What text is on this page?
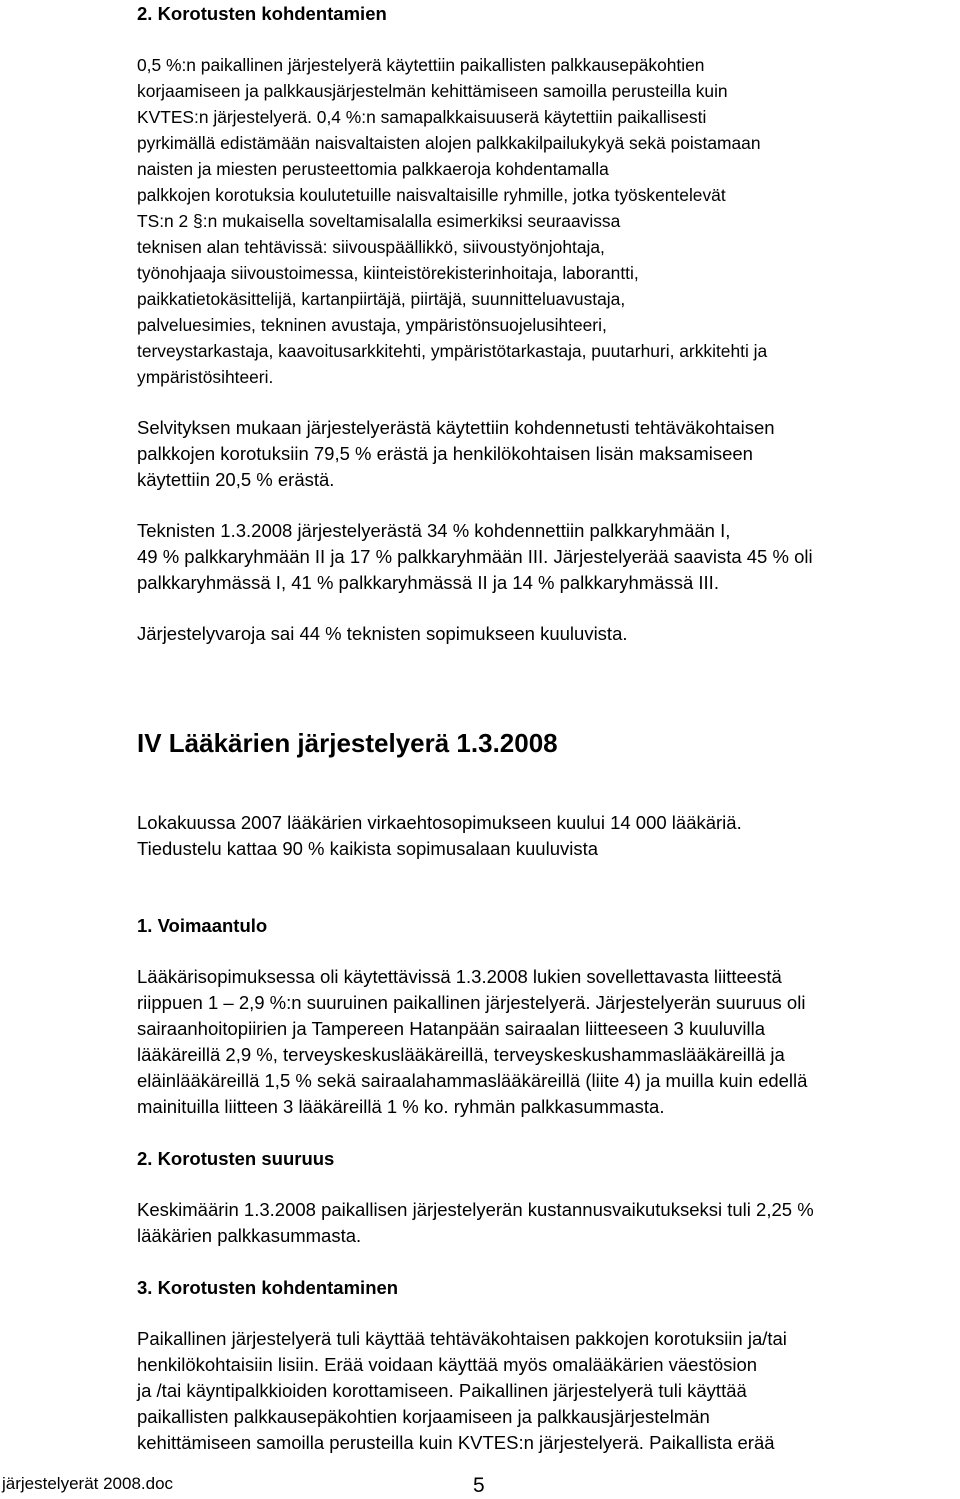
2. Korotusten kohdentamien
0,5 %:n paikallinen järjestelyerä käytettiin paikallisten palkkausepäkohtien
korjaamiseen ja palkkausjärjestelmän kehittämiseen samoilla perusteilla kuin
KVTES:n järjestelyerä. 0,4 %:n samapalkkaisuuserä käytettiin paikallisesti
pyrkimällä edistämään naisvaltaisten alojen palkkakilpailukykyä sekä poistamaan
naisten ja miesten perusteettomia palkkaeroja kohdentamalla
palkkojen korotuksia koulutetuille naisvaltaisille ryhmille, jotka työskentelevät
TS:n 2 §:n mukaisella soveltamisalalla esimerkiksi seuraavissa
teknisen alan tehtävissä: siivouspäällikkö, siivoustyönjohtaja,
työnohjaaja siivoustoimessa, kiinteistörekisterinhoitaja, laborantti,
paikkatietokäsittelijä, kartanpiirtäjä, piirtäjä, suunnitteluavustaja,
palveluesimies, tekninen avustaja, ympäristönsuojelusihteeri,
terveystarkastaja, kaavoitusarkkitehti, ympäristötarkastaja, puutarhuri, arkkitehti ja
ympäristösihteeri.
Selvityksen mukaan järjestelyerästä käytettiin kohdennetusti tehtäväkohtaisen
palkkojen korotuksiin 79,5 % erästä ja henkilökohtaisen lisän maksamiseen
käytettiin 20,5 % erästä.
Teknisten 1.3.2008 järjestelyerästä 34 % kohdennettiin palkkaryhmään I,
49 % palkkaryhmään II ja 17 % palkkaryhmään III. Järjestelyerää saavista 45 % oli
palkkaryhmässä I, 41 % palkkaryhmässä II ja 14 % palkkaryhmässä III.
Järjestelyvaroja sai 44 % teknisten sopimukseen kuuluvista.
IV Lääkärien järjestelyerä 1.3.2008
Lokakuussa 2007 lääkärien virkaehtosopimukseen kuului 14 000 lääkäriä.
Tiedustelu kattaa 90 % kaikista sopimusalaan kuuluvista
1. Voimaantulo
Lääkärisopimuksessa oli käytettävissä 1.3.2008 lukien sovellettavasta liitteestä
riippuen 1 – 2,9 %:n suuruinen paikallinen järjestelyerä. Järjestelyerän suuruus oli
sairaanhoitopiirien ja Tampereen Hatanpään sairaalan liitteeseen 3 kuuluvilla
lääkäreillä 2,9 %, terveyskeskuslääkäreillä, terveyskeskushammaslääkäreillä ja
eläinlääkäreillä 1,5 % sekä sairaalahammaslääkäreillä (liite 4) ja muilla kuin edellä
mainituilla liitteen 3 lääkäreillä 1 % ko. ryhmän palkkasummasta.
2. Korotusten suuruus
Keskimäärin 1.3.2008 paikallisen järjestelyerän kustannusvaikutukseksi tuli 2,25 %
lääkärien palkkasummasta.
3. Korotusten kohdentaminen
Paikallinen järjestelyerä tuli käyttää tehtäväkohtaisen pakkojen korotuksiin ja/tai
henkilökohtaisiin lisiin. Erää voidaan käyttää myös omalääkärien väestösion
ja /tai käyntipalkkioiden korottamiseen. Paikallinen järjestelyerä tuli käyttää
paikallisten palkkausepäkohtien korjaamiseen ja palkkausjärjestelmän
kehittämiseen samoilla perusteilla kuin KVTES:n järjestelyerä. Paikallista erää
järjestelyerät 2008.doc	5
